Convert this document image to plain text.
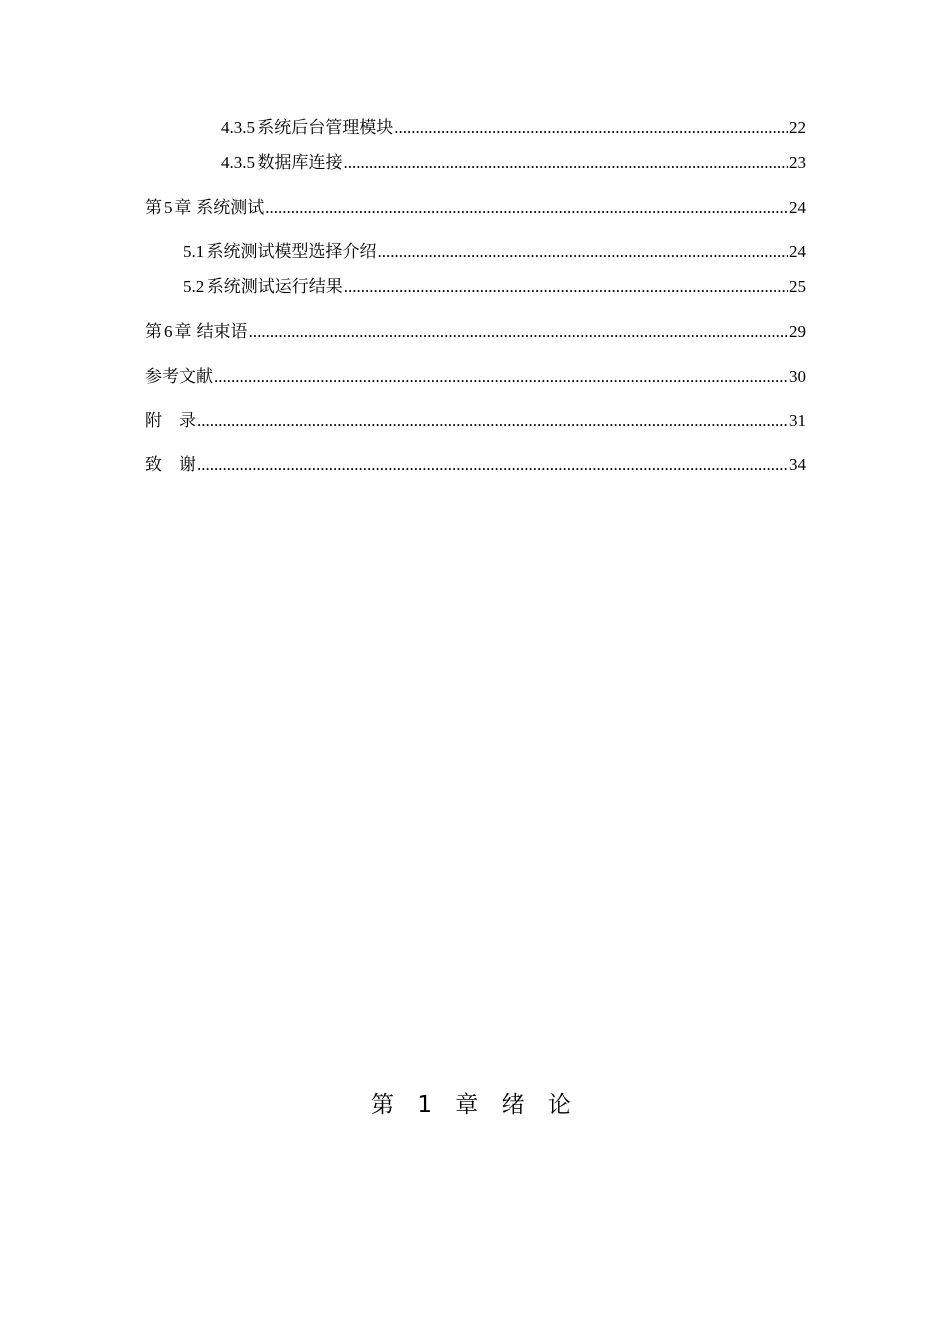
4.3.5 系统后台管理模块 .....	22
4.3.5 数据库连接 .....	23
第 5 章 系统测试 .....	24
5.1 系统测试模型选择介绍 .....	24
5.2 系统测试运行结果 .....	25
第 6 章 结束语 .....	29
参考文献 .....	30
附　录 .....	31
致　谢 .....	34
第 1 章 绪 论
